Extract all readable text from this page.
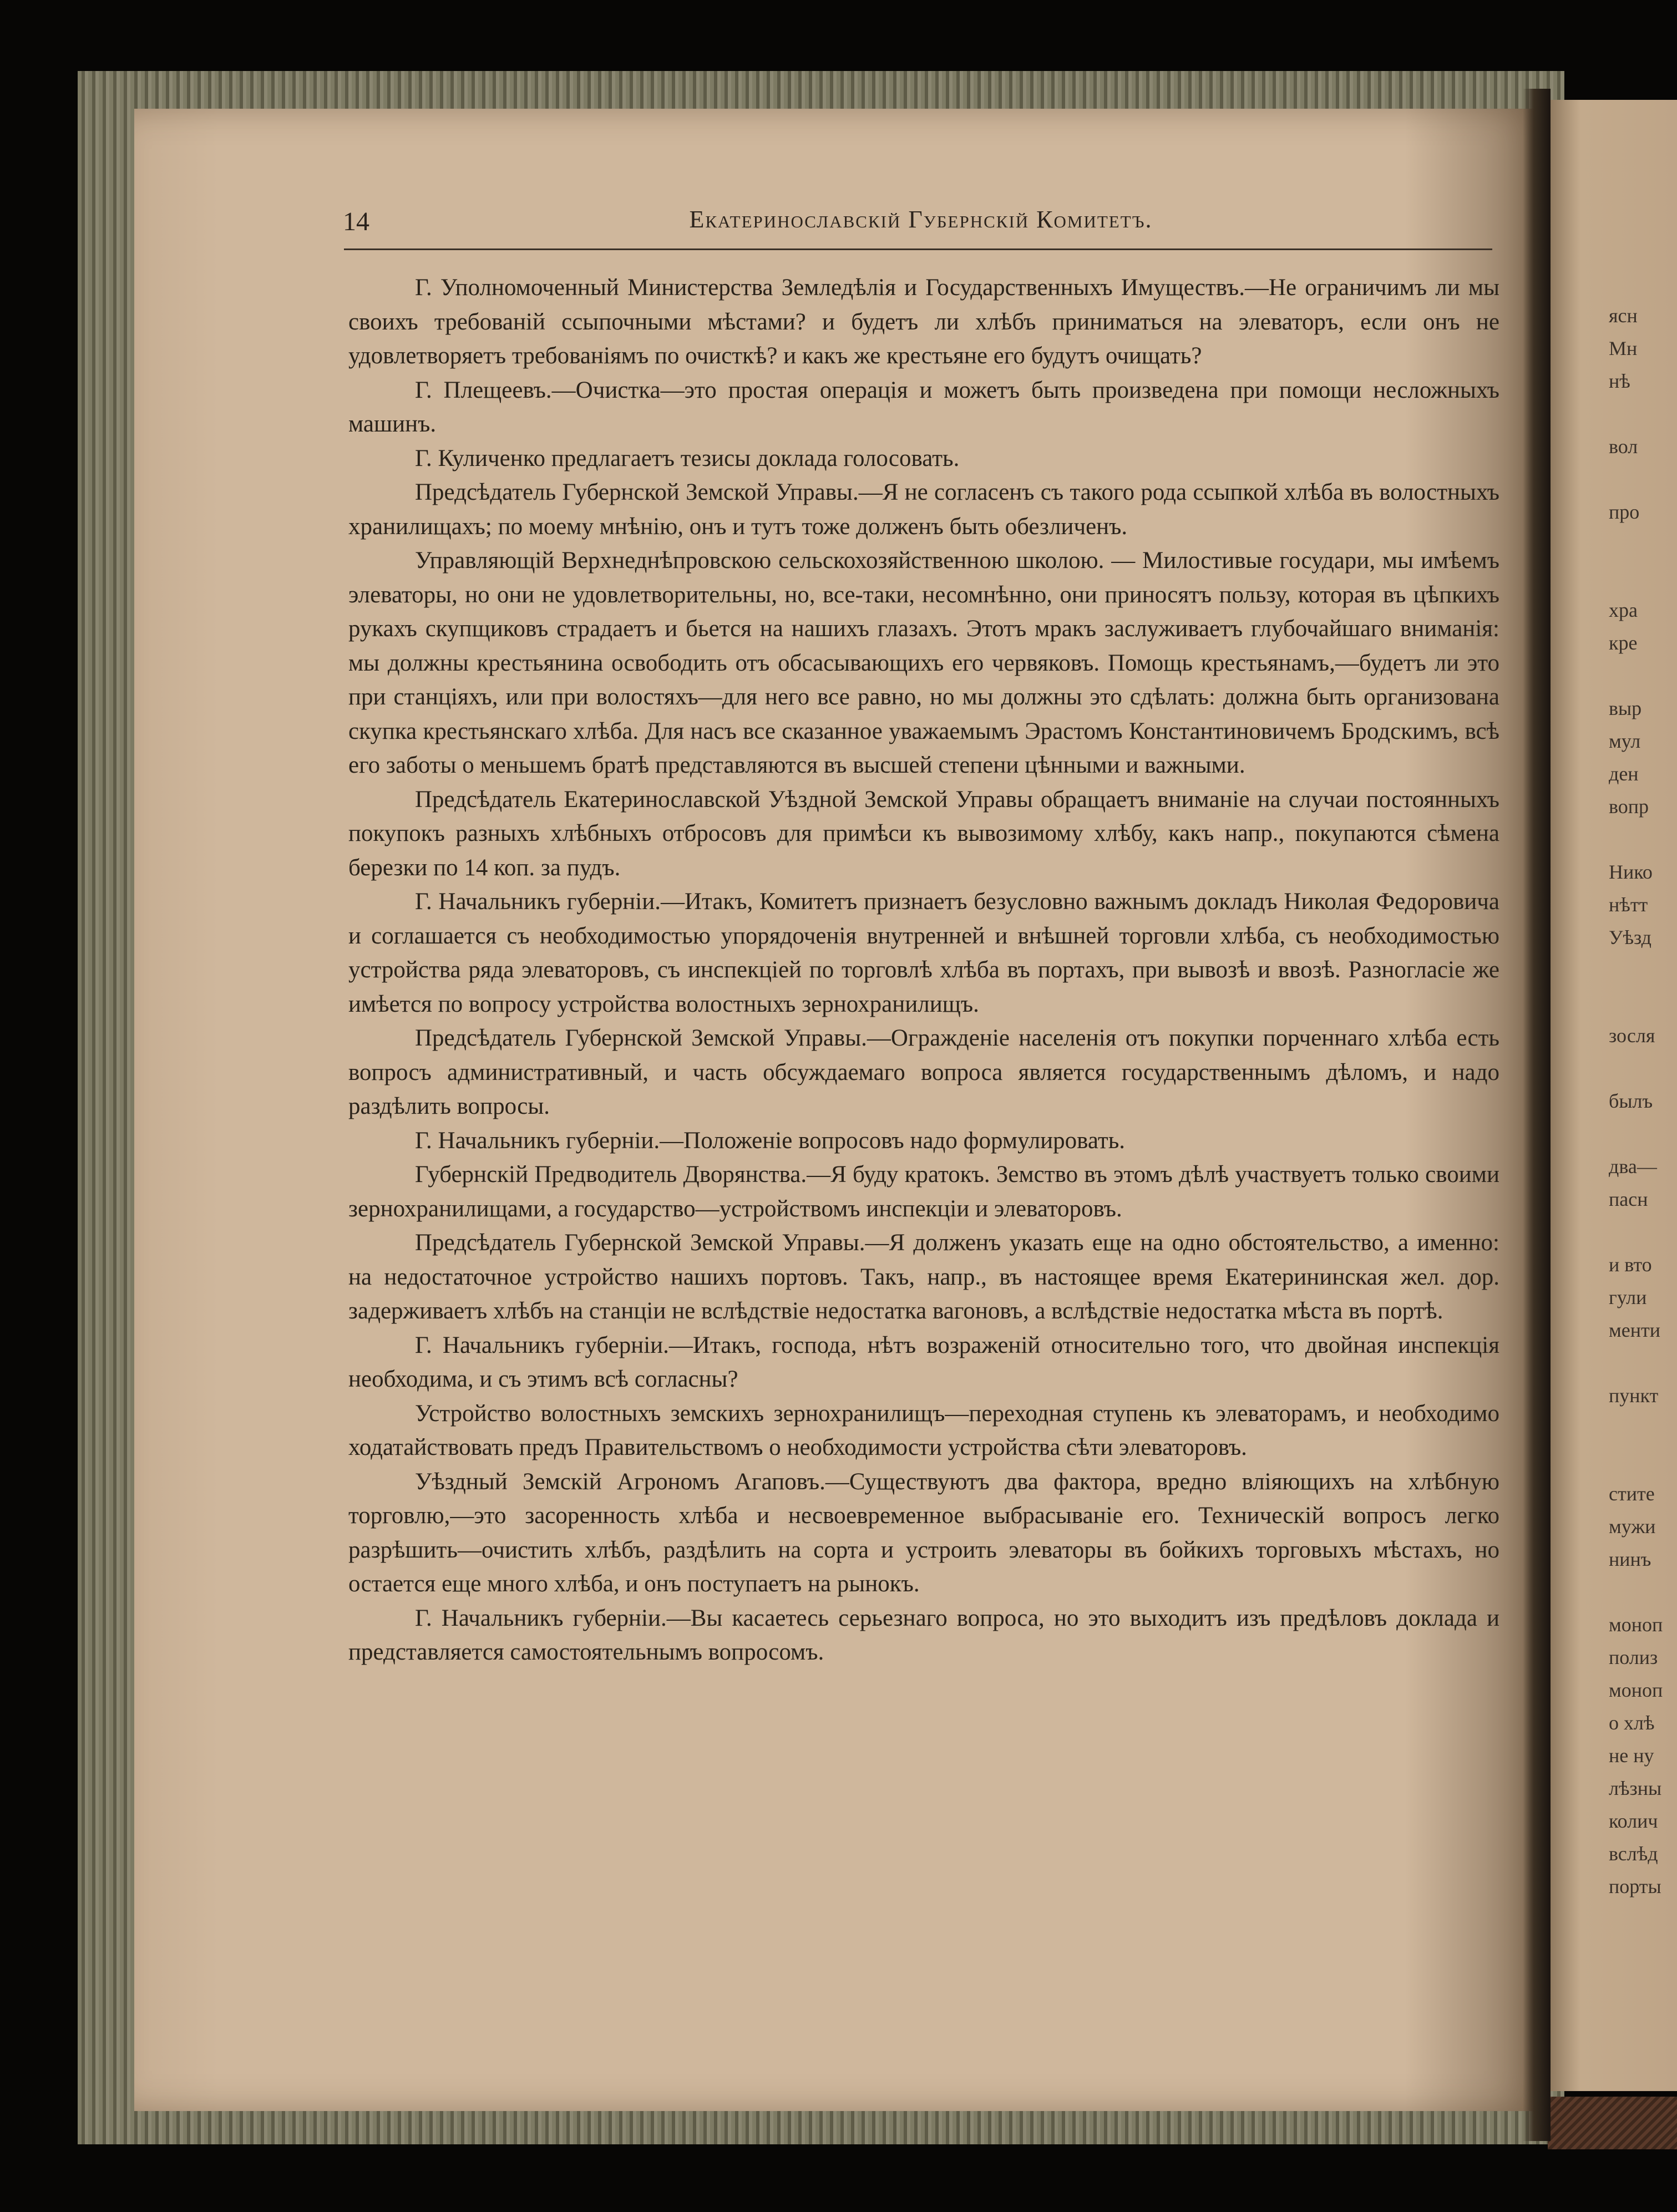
14	Екатеринославскій Губернскій Комитетъ.

Г. Уполномоченный Министерства Земледѣлія и Государственныхъ Имуществъ.—Не ограничимъ ли мы своихъ требованій ссыпочными мѣстами? и будетъ ли хлѣбъ приниматься на элеваторъ, если онъ не удовлетворяетъ требованіямъ по очисткѣ? и какъ же крестьяне его будутъ очищать?

Г. Плещеевъ.—Очистка—это простая операція и можетъ быть произведена при помощи несложныхъ машинъ.

Г. Куличенко предлагаетъ тезисы доклада голосовать.

Предсѣдатель Губернской Земской Управы.—Я не согласенъ съ такого рода ссыпкой хлѣба въ волостныхъ хранилищахъ; по моему мнѣнію, онъ и тутъ тоже долженъ быть обезличенъ.

Управляющій Верхнеднѣпровскою сельскохозяйственною школою. — Милостивые государи, мы имѣемъ элеваторы, но они не удовлетворительны, но, все-таки, несомнѣнно, они приносятъ пользу, которая въ цѣпкихъ рукахъ скупщиковъ страдаетъ и бьется на нашихъ глазахъ. Этотъ мракъ заслуживаетъ глубочайшаго вниманія: мы должны крестьянина освободить отъ обсасывающихъ его червяковъ. Помощь крестьянамъ,—будетъ ли это при станціяхъ, или при волостяхъ—для него все равно, но мы должны это сдѣлать: должна быть организована скупка крестьянскаго хлѣба. Для насъ все сказанное уважаемымъ Эрастомъ Константиновичемъ Бродскимъ, всѣ его заботы о меньшемъ братѣ представляются въ высшей степени цѣнными и важными.

Предсѣдатель Екатеринославской Уѣздной Земской Управы обращаетъ вниманіе на случаи постоянныхъ покупокъ разныхъ хлѣбныхъ отбросовъ для примѣси къ вывозимому хлѣбу, какъ напр., покупаются сѣмена березки по 14 коп. за пудъ.

Г. Начальникъ губерніи.—Итакъ, Комитетъ признаетъ безусловно важнымъ докладъ Николая Федоровича и соглашается съ необходимостью упорядоченія внутренней и внѣшней торговли хлѣба, съ необходимостью устройства ряда элеваторовъ, съ инспекціей по торговлѣ хлѣба въ портахъ, при вывозѣ и ввозѣ. Разногласіе же имѣется по вопросу устройства волостныхъ зернохранилищъ.

Предсѣдатель Губернской Земской Управы.—Огражденіе населенія отъ покупки порченнаго хлѣба есть вопросъ административный, и часть обсуждаемаго вопроса является государственнымъ дѣломъ, и надо раздѣлить вопросы.

Г. Начальникъ губерніи.—Положеніе вопросовъ надо формулировать.

Губернскій Предводитель Дворянства.—Я буду кратокъ. Земство въ этомъ дѣлѣ участвуетъ только своими зернохранилищами, а государство—устройствомъ инспекціи и элеваторовъ.

Предсѣдатель Губернской Земской Управы.—Я долженъ указать еще на одно обстоятельство, а именно: на недостаточное устройство нашихъ портовъ. Такъ, напр., въ настоящее время Екатерининская жел. дор. задерживаетъ хлѣбъ на станціи не вслѣдствіе недостатка вагоновъ, а вслѣдствіе недостатка мѣста въ портѣ.

Г. Начальникъ губерніи.—Итакъ, господа, нѣтъ возраженій относительно того, что двойная инспекція необходима, и съ этимъ всѣ согласны?

Устройство волостныхъ земскихъ зернохранилищъ—переходная ступень къ элеваторамъ, и необходимо ходатайствовать предъ Правительствомъ о необходимости устройства сѣти элеваторовъ.

Уѣздный Земскій Агрономъ Агаповъ.—Существуютъ два фактора, вредно вліяющихъ на хлѣбную торговлю,—это засоренность хлѣба и несвоевременное выбрасываніе его. Техническій вопросъ легко разрѣшить—очистить хлѣбъ, раздѣлить на сорта и устроить элеваторы въ бойкихъ торговыхъ мѣстахъ, но остается еще много хлѣба, и онъ поступаетъ на рынокъ.

Г. Начальникъ губерніи.—Вы касаетесь серьезнаго вопроса, но это выходитъ изъ предѣловъ доклада и представляется самостоятельнымъ вопросомъ.

ясн
Мн
нѣ

вол

про

хра
кре

выр
мул
ден
вопр

Нико
нѣтт
Уѣзд

зосля

былъ

два—
пасн

и вто
гули
менти

пункт

стите
мужи
нинъ

моноп
полиз
моноп
о хлѣ
не ну
лѣзны
колич
вслѣд
порты
